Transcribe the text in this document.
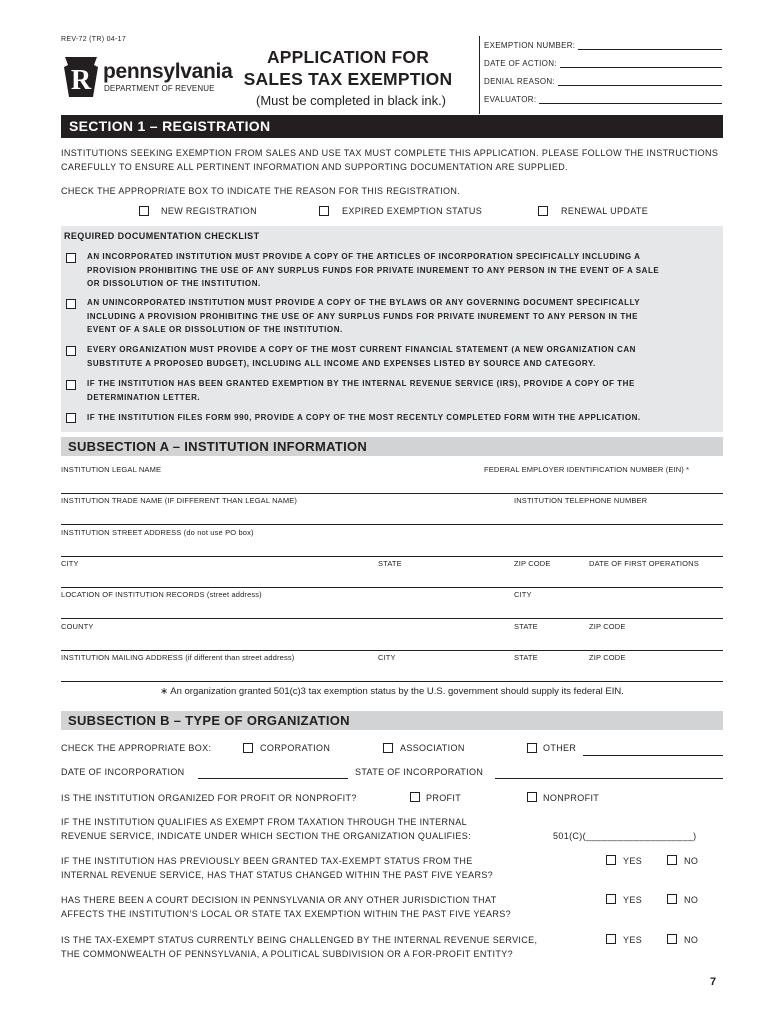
REV-72 (TR) 04-17
R pennsylvania
DEPARTMENT OF REVENUE
APPLICATION FOR
SALES TAX EXEMPTION
(Must be completed in black ink.)
EXEMPTION NUMBER:
DATE OF ACTION:
DENIAL REASON:
EVALUATOR:
SECTION 1 – REGISTRATION
INSTITUTIONS SEEKING EXEMPTION FROM SALES AND USE TAX MUST COMPLETE THIS APPLICATION. PLEASE FOLLOW THE INSTRUCTIONS
CAREFULLY TO ENSURE ALL PERTINENT INFORMATION AND SUPPORTING DOCUMENTATION ARE SUPPLIED.
CHECK THE APPROPRIATE BOX TO INDICATE THE REASON FOR THIS REGISTRATION.
NEW REGISTRATION	EXPIRED EXEMPTION STATUS	RENEWAL UPDATE
REQUIRED DOCUMENTATION CHECKLIST
AN INCORPORATED INSTITUTION MUST PROVIDE A COPY OF THE ARTICLES OF INCORPORATION SPECIFICALLY INCLUDING A
PROVISION PROHIBITING THE USE OF ANY SURPLUS FUNDS FOR PRIVATE INUREMENT TO ANY PERSON IN THE EVENT OF A SALE
OR DISSOLUTION OF THE INSTITUTION.
AN UNINCORPORATED INSTITUTION MUST PROVIDE A COPY OF THE BYLAWS OR ANY GOVERNING DOCUMENT SPECIFICALLY
INCLUDING A PROVISION PROHIBITING THE USE OF ANY SURPLUS FUNDS FOR PRIVATE INUREMENT TO ANY PERSON IN THE
EVENT OF A SALE OR DISSOLUTION OF THE INSTITUTION.
EVERY ORGANIZATION MUST PROVIDE A COPY OF THE MOST CURRENT FINANCIAL STATEMENT (A NEW ORGANIZATION CAN
SUBSTITUTE A PROPOSED BUDGET), INCLUDING ALL INCOME AND EXPENSES LISTED BY SOURCE AND CATEGORY.
IF THE INSTITUTION HAS BEEN GRANTED EXEMPTION BY THE INTERNAL REVENUE SERVICE (IRS), PROVIDE A COPY OF THE
DETERMINATION LETTER.
IF THE INSTITUTION FILES FORM 990, PROVIDE A COPY OF THE MOST RECENTLY COMPLETED FORM WITH THE APPLICATION.
SUBSECTION A – INSTITUTION INFORMATION
INSTITUTION LEGAL NAME	FEDERAL EMPLOYER IDENTIFICATION NUMBER (EIN) *
INSTITUTION TRADE NAME (IF DIFFERENT THAN LEGAL NAME)	INSTITUTION TELEPHONE NUMBER
INSTITUTION STREET ADDRESS (do not use PO box)
CITY	STATE	ZIP CODE	DATE OF FIRST OPERATIONS
LOCATION OF INSTITUTION RECORDS (street address)	CITY
COUNTY	STATE	ZIP CODE
INSTITUTION MAILING ADDRESS (if different than street address)	CITY	STATE	ZIP CODE
∗ An organization granted 501(c)3 tax exemption status by the U.S. government should supply its federal EIN.
SUBSECTION B – TYPE OF ORGANIZATION
CHECK THE APPROPRIATE BOX:	CORPORATION	ASSOCIATION	OTHER
DATE OF INCORPORATION	STATE OF INCORPORATION
IS THE INSTITUTION ORGANIZED FOR PROFIT OR NONPROFIT?	PROFIT	NONPROFIT
IF THE INSTITUTION QUALIFIES AS EXEMPT FROM TAXATION THROUGH THE INTERNAL
REVENUE SERVICE, INDICATE UNDER WHICH SECTION THE ORGANIZATION QUALIFIES:	501(C)(____________________)
IF THE INSTITUTION HAS PREVIOUSLY BEEN GRANTED TAX-EXEMPT STATUS FROM THE
INTERNAL REVENUE SERVICE, HAS THAT STATUS CHANGED WITHIN THE PAST FIVE YEARS?
YES	NO
HAS THERE BEEN A COURT DECISION IN PENNSYLVANIA OR ANY OTHER JURISDICTION THAT
AFFECTS THE INSTITUTION’S LOCAL OR STATE TAX EXEMPTION WITHIN THE PAST FIVE YEARS?
YES	NO
IS THE TAX-EXEMPT STATUS CURRENTLY BEING CHALLENGED BY THE INTERNAL REVENUE SERVICE,
THE COMMONWEALTH OF PENNSYLVANIA, A POLITICAL SUBDIVISION OR A FOR-PROFIT ENTITY?
YES	NO
7
